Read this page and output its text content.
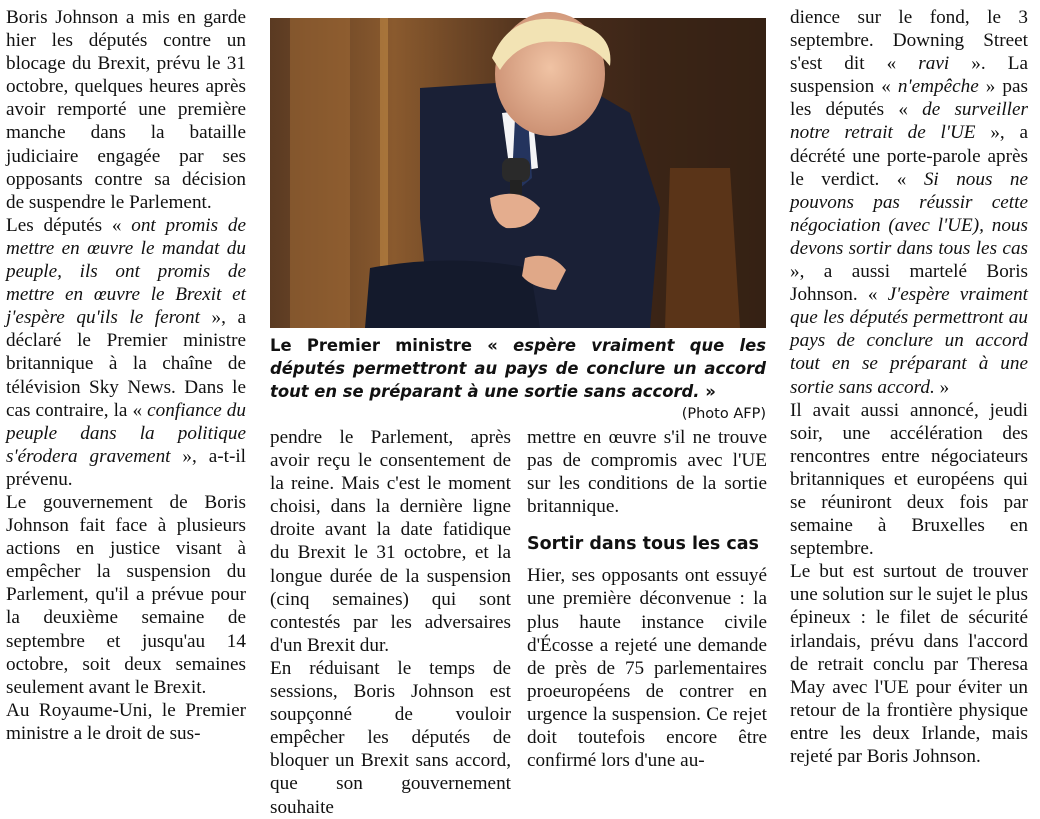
Boris Johnson a mis en garde hier les députés contre un blocage du Brexit, prévu le 31 octobre, quelques heures après avoir remporté une première manche dans la bataille judiciaire engagée par ses opposants contre sa décision de suspendre le Parlement.

Les députés « ont promis de mettre en œuvre le mandat du peuple, ils ont promis de mettre en œuvre le Brexit et j'espère qu'ils le feront », a déclaré le Premier ministre britannique à la chaîne de télévision Sky News. Dans le cas contraire, la « confiance du peuple dans la politique s'érodera gravement », a-t-il prévenu.

Le gouvernement de Boris Johnson fait face à plusieurs actions en justice visant à empêcher la suspension du Parlement, qu'il a prévue pour la deuxième semaine de septembre et jusqu'au 14 octobre, soit deux semaines seulement avant le Brexit.

Au Royaume-Uni, le Premier ministre a le droit de sus-

Le Premier ministre « espère vraiment que les députés permettront au pays de conclure un accord tout en se préparant à une sortie sans accord. »
(Photo AFP)

pendre le Parlement, après avoir reçu le consentement de la reine. Mais c'est le moment choisi, dans la dernière ligne droite avant la date fatidique du Brexit le 31 octobre, et la longue durée de la suspension (cinq semaines) qui sont contestés par les adversaires d'un Brexit dur.

En réduisant le temps de sessions, Boris Johnson est soupçonné de vouloir empêcher les députés de bloquer un Brexit sans accord, que son gouvernement souhaite

mettre en œuvre s'il ne trouve pas de compromis avec l'UE sur les conditions de la sortie britannique.

Sortir dans tous les cas

Hier, ses opposants ont essuyé une première déconvenue : la plus haute instance civile d'Écosse a rejeté une demande de près de 75 parlementaires proeuropéens de contrer en urgence la suspension. Ce rejet doit toutefois encore être confirmé lors d'une au-

dience sur le fond, le 3 septembre. Downing Street s'est dit « ravi ». La suspension « n'empêche » pas les députés « de surveiller notre retrait de l'UE », a décrété une porte-parole après le verdict. « Si nous ne pouvons pas réussir cette négociation (avec l'UE), nous devons sortir dans tous les cas », a aussi martelé Boris Johnson. « J'espère vraiment que les députés permettront au pays de conclure un accord tout en se préparant à une sortie sans accord. »

Il avait aussi annoncé, jeudi soir, une accélération des rencontres entre négociateurs britanniques et européens qui se réuniront deux fois par semaine à Bruxelles en septembre.

Le but est surtout de trouver une solution sur le sujet le plus épineux : le filet de sécurité irlandais, prévu dans l'accord de retrait conclu par Theresa May avec l'UE pour éviter un retour de la frontière physique entre les deux Irlande, mais rejeté par Boris Johnson.
